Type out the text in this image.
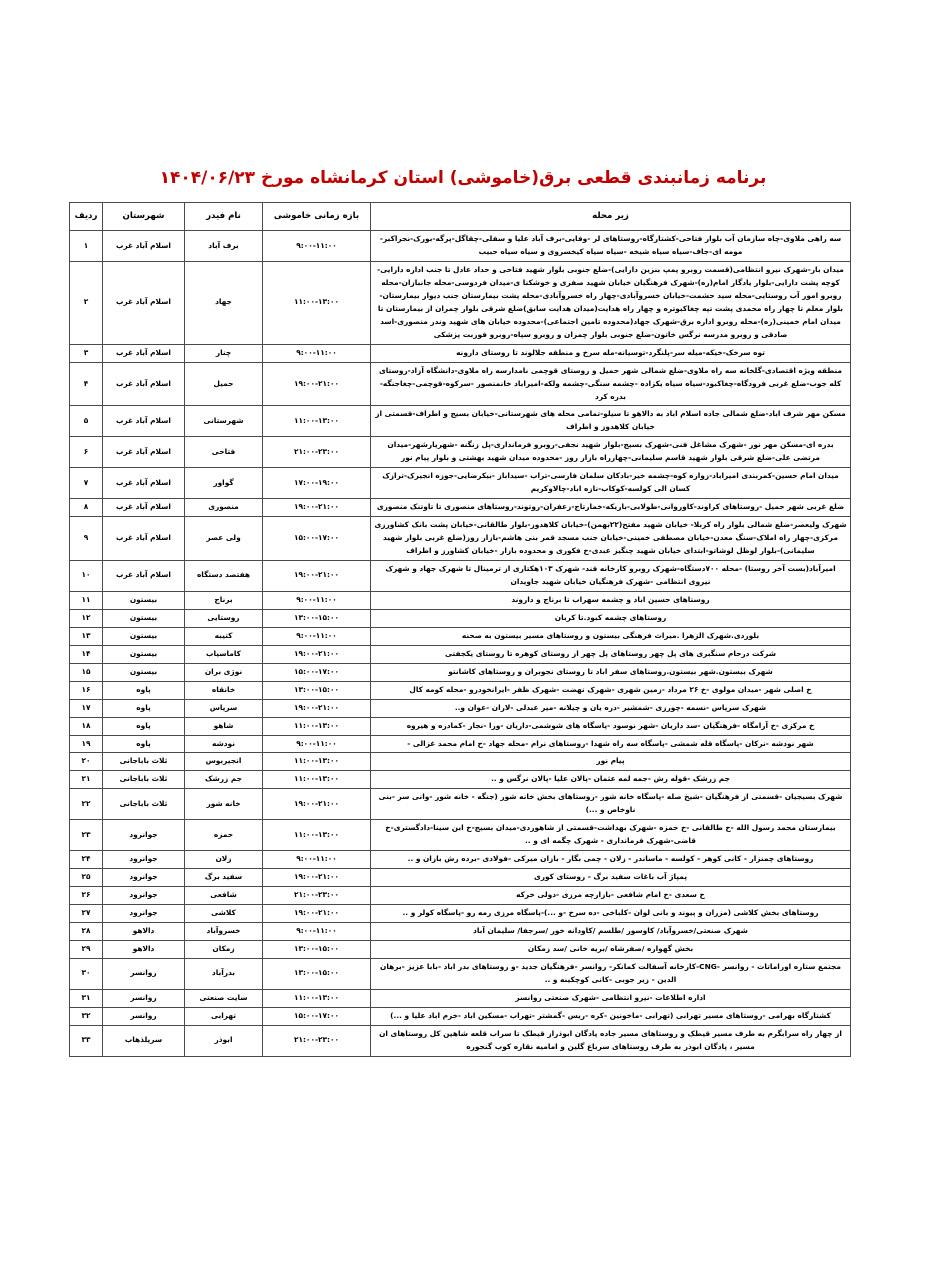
برنامه زمانبندی قطعی برق(خاموشی) استان کرمانشاه مورخ ۱۴۰۴/۰۶/۲۳
زیر محله	بازه زمانی خاموشی	نام فیدر	شهرستان	ردیف
سه راهی ملاوی-چاه سازمان آب بلوار فتاحی-کشتارگاه-روستاهای لر -وفایی-برف آباد علیا و سفلی-چقاگل-پرگه-بورک-نجراکبر-مومه ای-جاف-سیاه سیاه شیخه -سیاه سیاه کیخسروی و سیاه سیاه حبیب	۹:۰۰-۱۱:۰۰	برف آباد	اسلام آباد غرب	۱
میدان بار-شهرک نیرو انتظامی(قسمت روبرو پمپ بنزین دارایی)-ضلع جنوبی بلوار شهید فتاحی و حداد عادل تا جنب اداره دارایی-کوچه پشت دارایی-بلوار یادگار امام(ره)-شهرک فرهنگیان خیابان شهید صفری و خوشکنا ی-میدان فردوسی-محله جانبازان-محله روبرو امور آب روستایی-محله سید حشمت-خیابان خسروآبادی-چهار راه خسروآبادی-محله پشت بیمارستان جنب دیوار بیمارستان-بلوار معلم تا چهار راه محمدی پشت تپه چغاکبوتره و چهار راه هدایت(میدان هدایت سابق)ضلع شرقی بلوار چمران از بیمارستان تا میدان امام خمینی(ره)-محله روبرو اداره برق-شهرک جهاد(محدوده تامین اجتماعی)-محدوده خیابان های شهید وندر منصوری-اسد صادقی و روبرو مدرسه نرگس خاتون-ضلع جنوبی بلوار چمران و روبرو سپاه-روبرو فوربت پزشکی	۱۱:۰۰-۱۳:۰۰	جهاد	اسلام آباد غرب	۲
توه سرخک-خیکه-میله سر-پلنگرد-توسیانه-مله سرخ و منطقه جلالوند تا روستای دارونه	۹:۰۰-۱۱:۰۰	چنار	اسلام آباد غرب	۳
منطقه ویژه اقتصادی-گلخانه سه راه ملاوی-ضلع شمالی شهر حمیل و روستای قوچمی نامدارسه راه ملاوی-دانشگاه آزاد-روستای کله جوب-ضلع غربی فرودگاه-چغاکبود-سیاه سیاه یکزاده -چشمه سنگی-چشمه ولکه-امیراباد خانمنصور -سرکوه-قوچمی-چغاجنگه-بدره کرد	۱۹:۰۰-۲۱:۰۰	حمیل	اسلام آباد غرب	۴
مسکن مهر شرف اباد-ضلع شمالی جاده اسلام اباد به دالاهو تا سیلو-تمامی محله های شهرستانی-خیابان بسیج و اطراف-قسمتی از خیابان کلاهدوز و اطراف	۱۱:۰۰-۱۳:۰۰	شهرستانی	اسلام آباد غرب	۵
بدره ای-مسکن مهر نور -شهرک مشاغل فنی-شهرک بسیج-بلوار شهید نجفی-روبرو فرمانداری-پل زنگنه -شهریارشهر-میدان مرتضی علی-ضلع شرقی بلوار شهید قاسم سلیمانی-چهارراه بازار روز -محدوده میدان شهید بهشتی و بلوار پیام نور	۲۱:۰۰-۲۳:۰۰	فتاحی	اسلام آباد غرب	۶
میدان امام حسین-کمربندی امیراباد-زواره کوه-چشمه خیر-بادکان سلمان فارسی-تراب -سیداباز -بیکرضایی-جوزه انجیرک-ترازک کسان الی کولسه-کوکاب-نازه اباد-چالاوکریم	۱۷:۰۰-۱۹:۰۰	گواور	اسلام آباد غرب	۷
ضلع غربی شهر حمیل -روستاهای کراوند-کاوروانی-طولابی-باریکه-خمارتاج-زعفران-روتوند-روستاهای منصوری تا تاوتنک منصوری	۱۹:۰۰-۲۱:۰۰	منصوری	اسلام آباد غرب	۸
شهرک ولیعصر-ضلع شمالی بلوار راه کربلا- خیابان شهید مفتح(۲۲بهمن)-خیابان کلاهدوز-بلوار طالقانی-خیابان پشت بانک کشاورزی مرکزی-چهار راه املاک-سنگ معدن-خیابان مصطفی خمینی-خیابان جنب مسجد قمر بنی هاشم-بازار روز(ضلع غربی بلوار شهید سلیمانی)-بلوار لوظل لوشاتو-ابتدای خیابان شهید چنگیز عبدی-خ فکوری و محدوده بازار -خیابان کشاورز و اطراف	۱۵:۰۰-۱۷:۰۰	ولی عصر	اسلام آباد غرب	۹
امیرآباد(بست آخر روستا) -محله ۷۰۰دستگاه-شهرک روبرو کارخانه قند- شهرک ۱۰۳هکتاری از ترمینال تا شهرک جهاد و شهرک نیروی انتظامی -شهرک فرهنگیان خیابان شهید جاویدان	۱۹:۰۰-۲۱:۰۰	هفتصد دستگاه	اسلام آباد غرب	۱۰
روستاهای حسین اباد و چشمه سهراب تا برناج و داروند	۹:۰۰-۱۱:۰۰	برناج	بیستون	۱۱
روستاهای چشمه کبود.تا کربان	۱۳:۰۰-۱۵:۰۰	روستایی	بیستون	۱۲
بلوردی.شهرک الزهرا .میراث فرهنگی بیستون و روستاهای مسیر بیستون به صحنه	۹:۰۰-۱۱:۰۰	کتیبه	بیستون	۱۳
شرکت درحام سنگبری های پل چهر روستاهای پل چهر از روستای کوهره تا روستای یکجفتی	۱۹:۰۰-۲۱:۰۰	کاماسیاب	بیستون	۱۴
شهرک بیستون.شهر بیستون.روستاهای سفر اباد تا روستای نجوبران و روستاهای کاشانتو	۱۵:۰۰-۱۷:۰۰	نوژی بران	بیستون	۱۵
خ اصلی شهر -میدان مولوی -خ ۲۶ مرداد -زمین شهری -شهرک نهضت -شهرک ظفر -ایرانخودرو -محله کومه کال	۱۳:۰۰-۱۵:۰۰	خانقاه	پاوه	۱۶
شهرک سرپاس -نسمه -چورزی -شمشیر -دره یان و چیلانه -میر عبدلی -لاران -عوان و..	۱۹:۰۰-۲۱:۰۰	سرپاس	پاوه	۱۷
خ مرکزی -خ آرامگاه -فرهنگیان -سد داریان -شهر نوسود -پاسگاه های شوشمی-داریان -ورا -نجار -کمادره و هیروه	۱۱:۰۰-۱۳:۰۰	شاهو	پاوه	۱۸
شهر نودشه -نرکان -پاسگاه قله شمشی -پاسگاه سه راه شهدا -روستاهای نرام -محله جهاد -خ امام محمد غزالی -	۹:۰۰-۱۱:۰۰	نودشه	پاوه	۱۹
پیام نور	۱۱:۰۰-۱۳:۰۰	انجیربوس	ثلاث باباجانی	۲۰
جم زرشک -قوله رش -جمه لمه عثمان -پالان علیا -پالان نرگس و ..	۱۱:۰۰-۱۳:۰۰	جم زرشک	ثلاث باباجانی	۲۱
شهرک بسیجیان -قسمتی از فرهنگیان -شیخ صله -پاسگاه خانه شور -روستاهای بخش خانه شور (جنگه - خانه شور -وانی سر -بنی ناوخاص و ...)	۱۹:۰۰-۲۱:۰۰	خانه شور	ثلاث باباجانی	۲۲
بیمارستان محمد رسول الله -خ طالقانی -خ حمزه -شهرک بهداشت-قسمتی از شاهوردی-میدان بسیج-خ ابن سینا-دادگستری-خ قاضی-شهرک فرمانداری - شهرک چگمه ای و ..	۱۱:۰۰-۱۳:۰۰	حمزه	جوانرود	۲۳
روستاهای چمنزار - کانی کوهر - کولسه - ماساندر - زلان - چمی بگار - بازان میرکی -فولادی -برده رش بازان و ..	۹:۰۰-۱۱:۰۰	زلان	جوانرود	۲۴
پمپاژ آب باغات سفید برگ - روستای کوری	۱۹:۰۰-۲۱:۰۰	سفید برگ	جوانرود	۲۵
خ سعدی -خ امام شافعی -بازارچه مرزی -دولی خرکه	۲۱:۰۰-۲۳:۰۰	شافعی	جوانرود	۲۶
روستاهای بخش کلاشی (مزران و پیوند و بانی لوان -کلباخی -ده سرخ -و ...)-پاسگاه مرزی رمه رو -پاسگاه کولر و ..	۱۹:۰۰-۲۱:۰۰	کلاشی	جوانرود	۲۷
شهرک صنعتی/خسروآباد/ کاوسور /طلسم /کاودانه خور /سرجفا/ سلیمان آباد	۹:۰۰-۱۱:۰۰	خسروآباد	دالاهو	۲۸
بخش گهواره /صفرشاه /بریه خانی /سد زمکان	۱۳:۰۰-۱۵:۰۰	زمکان	دالاهو	۲۹
مجتمع ستاره اوراماتات - روانسر -CNG-کارخانه آسفالت کمانکر- روانسر -فرهنگیان جدید -و روستاهای بدر اباد -بابا عزیز -برهان الدین - زیر جوبی -کانی کوچکینه و ..	۱۳:۰۰-۱۵:۰۰	بدرآباد	روانسر	۳۰
اداره اطلاعات -نیرو انتظامی -شهرک صنعتی روانسر	۱۱:۰۰-۱۳:۰۰	سایت صنعتی	روانسر	۳۱
کشتارگاه بهرامی -روستاهای مسیر تهرابی (تهرابی -ماخونین -کره -ریس -گمشتر -تهراب -مسکین اباد -خرم اباد علیا و ...)	۱۵:۰۰-۱۷:۰۰	تهرابی	روانسر	۳۲
از چهار راه سرابگرم به طرف مسیر قیطک و روستاهای مسیر جاده پادگان ابوذراز قیطک تا سراب قلعه شاهین کل روستاهای ان مسیر ، پادگان ابوذر به طرف روستاهای سرباغ گلین و امامیه نقاره کوب گنجوره	۲۱:۰۰-۲۳:۰۰	ابوذر	سرپلذهاب	۳۳
